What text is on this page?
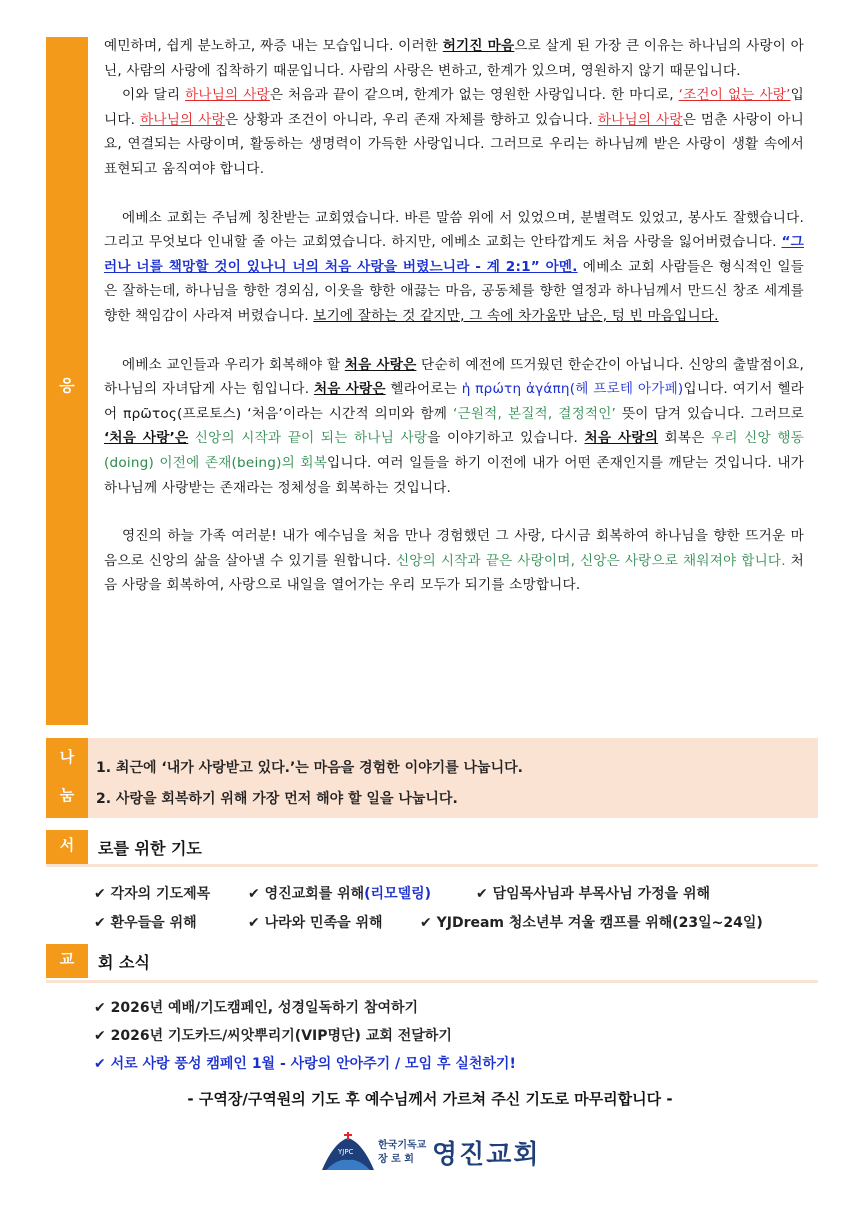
응

예민하며, 쉽게 분노하고, 짜증 내는 모습입니다. 이러한 허기진 마음으로 살게 된 가장 큰 이유는 하나님의 사랑이 아닌, 사람의 사랑에 집착하기 때문입니다. 사람의 사랑은 변하고, 한계가 있으며, 영원하지 않기 때문입니다.

이와 달리 하나님의 사랑은 처음과 끝이 같으며, 한계가 없는 영원한 사랑입니다. 한 마디로, ‘조건이 없는 사랑’입니다. 하나님의 사랑은 상황과 조건이 아니라, 우리 존재 자체를 향하고 있습니다. 하나님의 사랑은 멈춘 사랑이 아니요, 연결되는 사랑이며, 활동하는 생명력이 가득한 사랑입니다. 그러므로 우리는 하나님께 받은 사랑이 생활 속에서 표현되고 움직여야 합니다.

에베소 교회는 주님께 칭찬받는 교회였습니다. 바른 말씀 위에 서 있었으며, 분별력도 있었고, 봉사도 잘했습니다. 그리고 무엇보다 인내할 줄 아는 교회였습니다. 하지만, 에베소 교회는 안타깝게도 처음 사랑을 잃어버렸습니다. “그러나 너를 책망할 것이 있나니 너의 처음 사랑을 버렸느니라 - 계 2:1” 아멘. 에베소 교회 사람들은 형식적인 일들은 잘하는데, 하나님을 향한 경외심, 이웃을 향한 애끓는 마음, 공동체를 향한 열정과 하나님께서 만드신 창조 세계를 향한 책임감이 사라져 버렸습니다. 보기에 잘하는 것 같지만, 그 속에 차가움만 남은, 텅 빈 마음입니다.

에베소 교인들과 우리가 회복해야 할 처음 사랑은 단순히 예전에 뜨거웠던 한순간이 아닙니다. 신앙의 출발점이요, 하나님의 자녀답게 사는 힘입니다. 처음 사랑은 헬라어로는 ἡ πρώτη ἀγάπη(헤 프로테 아가페)입니다. 여기서 헬라어 πρῶτος(프로토스) ‘처음’이라는 시간적 의미와 함께 ‘근원적, 본질적, 결정적인’ 뜻이 담겨 있습니다. 그러므로 ‘처음 사랑’은 신앙의 시작과 끝이 되는 하나님 사랑을 이야기하고 있습니다. 처음 사랑의 회복은 우리 신앙 행동(doing) 이전에 존재(being)의 회복입니다. 여러 일들을 하기 이전에 내가 어떤 존재인지를 깨닫는 것입니다. 내가 하나님께 사랑받는 존재라는 정체성을 회복하는 것입니다.

영진의 하늘 가족 여러분! 내가 예수님을 처음 만나 경험했던 그 사랑, 다시금 회복하여 하나님을 향한 뜨거운 마음으로 신앙의 삶을 살아낼 수 있기를 원합니다. 신앙의 시작과 끝은 사랑이며, 신앙은 사랑으로 채워져야 합니다. 처음 사랑을 회복하여, 사랑으로 내일을 열어가는 우리 모두가 되기를 소망합니다.

나
눔
1. 최근에 ‘내가 사랑받고 있다.’는 마음을 경험한 이야기를 나눕니다.
2. 사랑을 회복하기 위해 가장 먼저 해야 할 일을 나눕니다.
서	로를 위한 기도
✔ 각자의 기도제목	✔ 영진교회를 위해(리모델링)	✔ 담임목사님과 부목사님 가정을 위해
✔ 환우들을 위해	✔ 나라와 민족을 위해	✔ YJDream 청소년부 겨울 캠프를 위해(23일~24일)
교	회 소식
✔ 2026년 예배/기도캠페인, 성경일독하기 참여하기
✔ 2026년 기도카드/씨앗뿌리기(VIP명단) 교회 전달하기
✔ 서로 사랑 풍성 캠페인 1월 - 사랑의 안아주기 / 모임 후 실천하기!
- 구역장/구역원의 기도 후 예수님께서 가르쳐 주신 기도로 마무리합니다 -
YJPC
한국기독교
장 로 회 영진교회
